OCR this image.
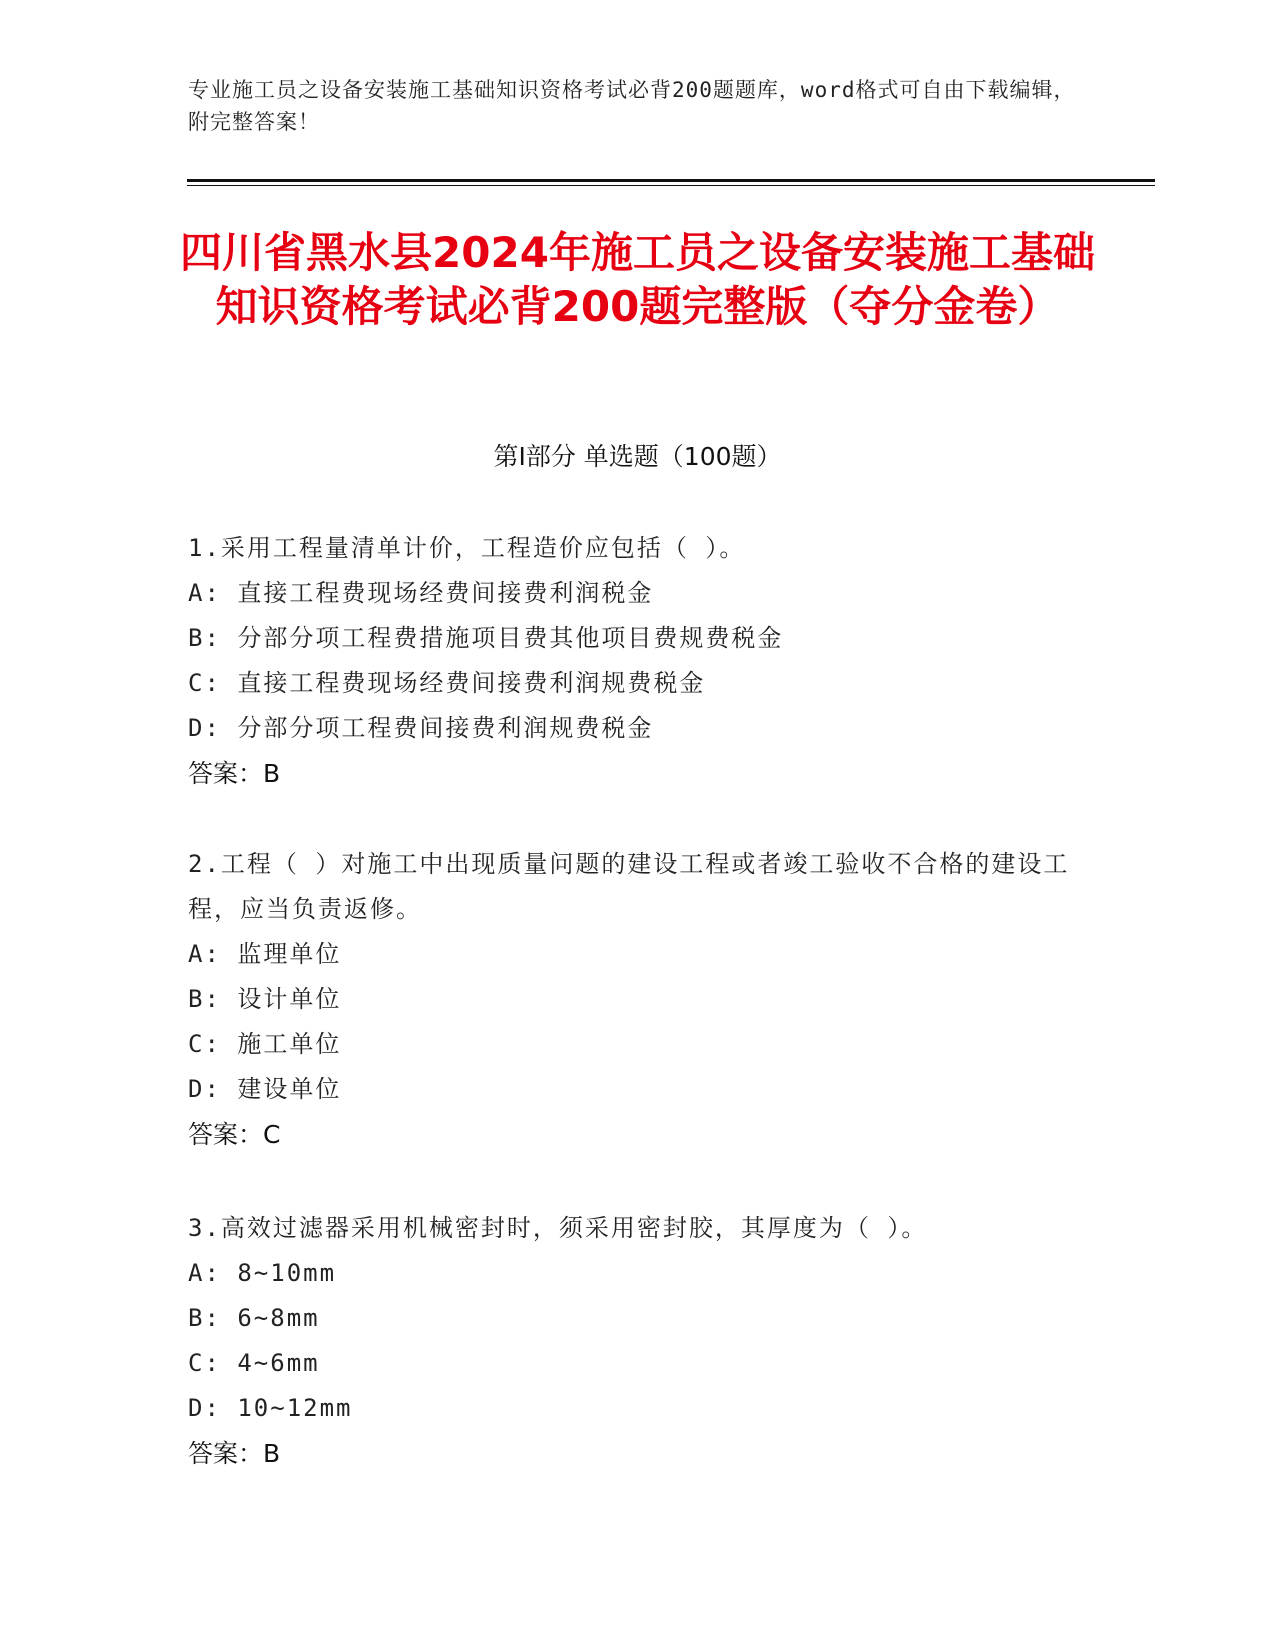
专业施工员之设备安装施工基础知识资格考试必背200题题库，word格式可自由下载编辑，附完整答案！
四川省黑水县2024年施工员之设备安装施工基础知识资格考试必背200题完整版（夺分金卷）
第Ⅰ部分 单选题（100题）
1.采用工程量清单计价，工程造价应包括（ ）。
A: 直接工程费现场经费间接费利润税金
B: 分部分项工程费措施项目费其他项目费规费税金
C: 直接工程费现场经费间接费利润规费税金
D: 分部分项工程费间接费利润规费税金
答案：B
2.工程（ ）对施工中出现质量问题的建设工程或者竣工验收不合格的建设工程，应当负责返修。
A: 监理单位
B: 设计单位
C: 施工单位
D: 建设单位
答案：C
3.高效过滤器采用机械密封时，须采用密封胶，其厚度为（ ）。
A: 8~10mm
B: 6~8mm
C: 4~6mm
D: 10~12mm
答案：B
